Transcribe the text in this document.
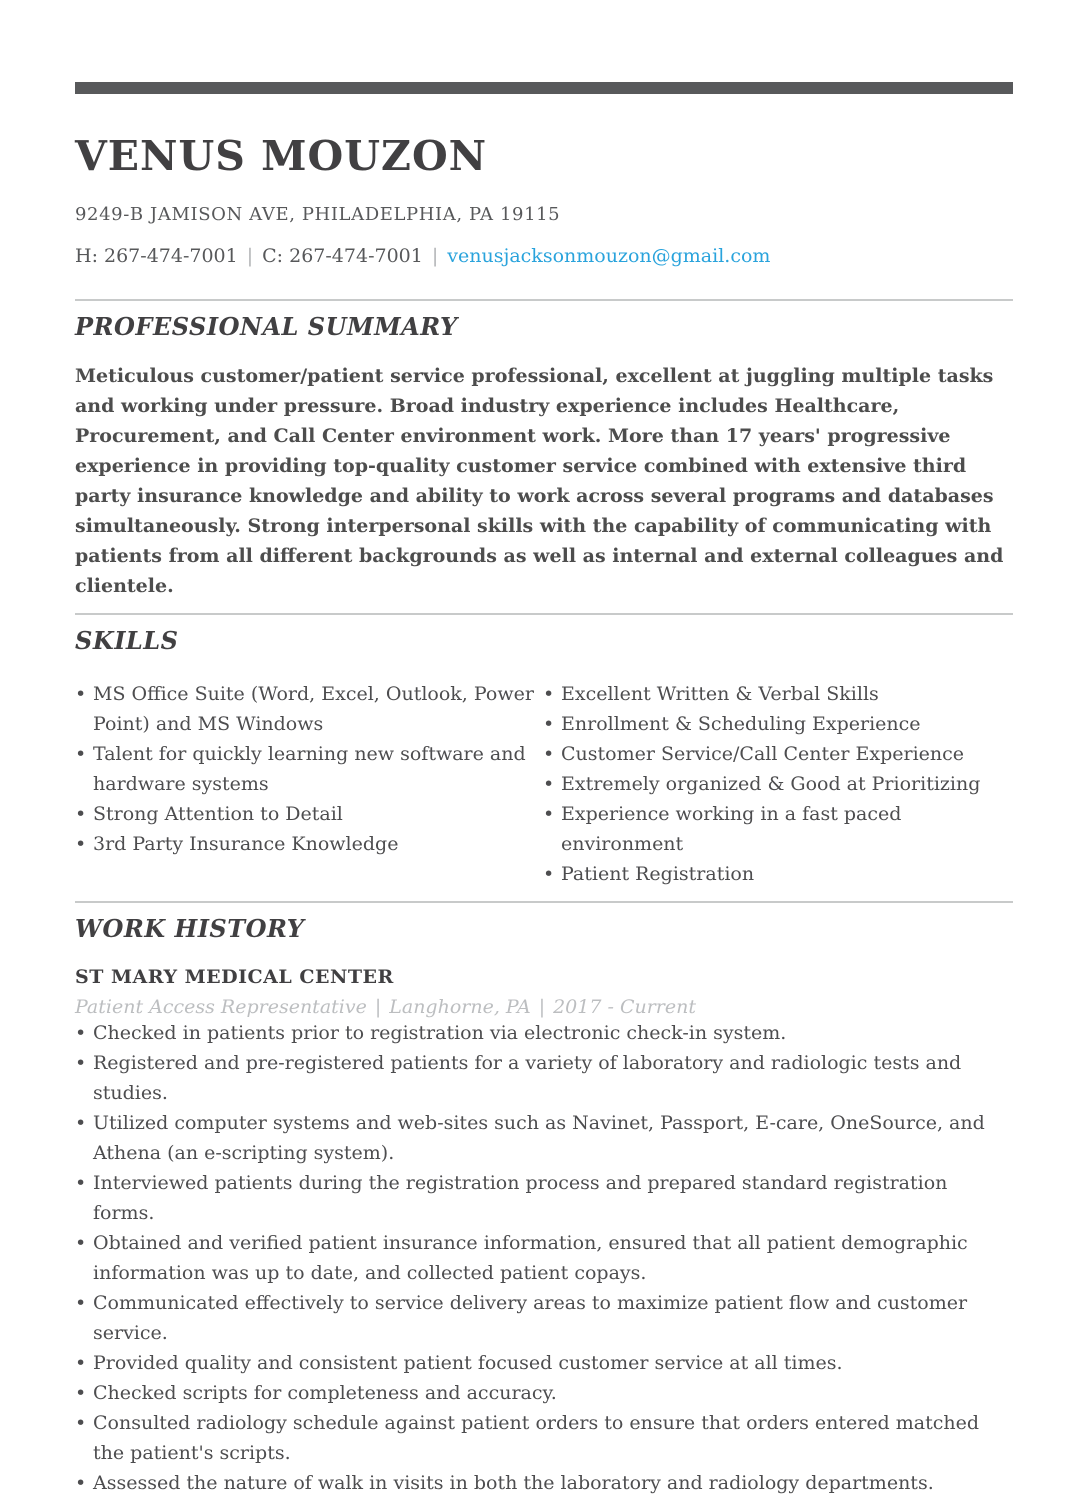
VENUS MOUZON
9249-B JAMISON AVE, PHILADELPHIA, PA 19115
H: 267-474-7001 | C: 267-474-7001 | venusjacksonmouzon@gmail.com
PROFESSIONAL SUMMARY

Meticulous customer/patient service professional, excellent at juggling multiple tasks and working under pressure. Broad industry experience includes Healthcare, Procurement, and Call Center environment work. More than 17 years' progressive experience in providing top-quality customer service combined with extensive third party insurance knowledge and ability to work across several programs and databases simultaneously. Strong interpersonal skills with the capability of communicating with patients from all different backgrounds as well as internal and external colleagues and clientele.

SKILLS
• MS Office Suite (Word, Excel, Outlook, Power Point) and MS Windows
• Talent for quickly learning new software and hardware systems
• Strong Attention to Detail
• 3rd Party Insurance Knowledge
• Excellent Written & Verbal Skills
• Enrollment & Scheduling Experience
• Customer Service/Call Center Experience
• Extremely organized & Good at Prioritizing
• Experience working in a fast paced environment
• Patient Registration
WORK HISTORY
ST MARY MEDICAL CENTER
Patient Access Representative | Langhorne, PA | 2017 - Current
• Checked in patients prior to registration via electronic check-in system.
• Registered and pre-registered patients for a variety of laboratory and radiologic tests and studies.
• Utilized computer systems and web-sites such as Navinet, Passport, E-care, OneSource, and Athena (an e-scripting system).
• Interviewed patients during the registration process and prepared standard registration forms.
• Obtained and verified patient insurance information, ensured that all patient demographic information was up to date, and collected patient copays.
• Communicated effectively to service delivery areas to maximize patient flow and customer service.
• Provided quality and consistent patient focused customer service at all times.
• Checked scripts for completeness and accuracy.
• Consulted radiology schedule against patient orders to ensure that orders entered matched the patient's scripts.
• Assessed the nature of walk in visits in both the laboratory and radiology departments.
